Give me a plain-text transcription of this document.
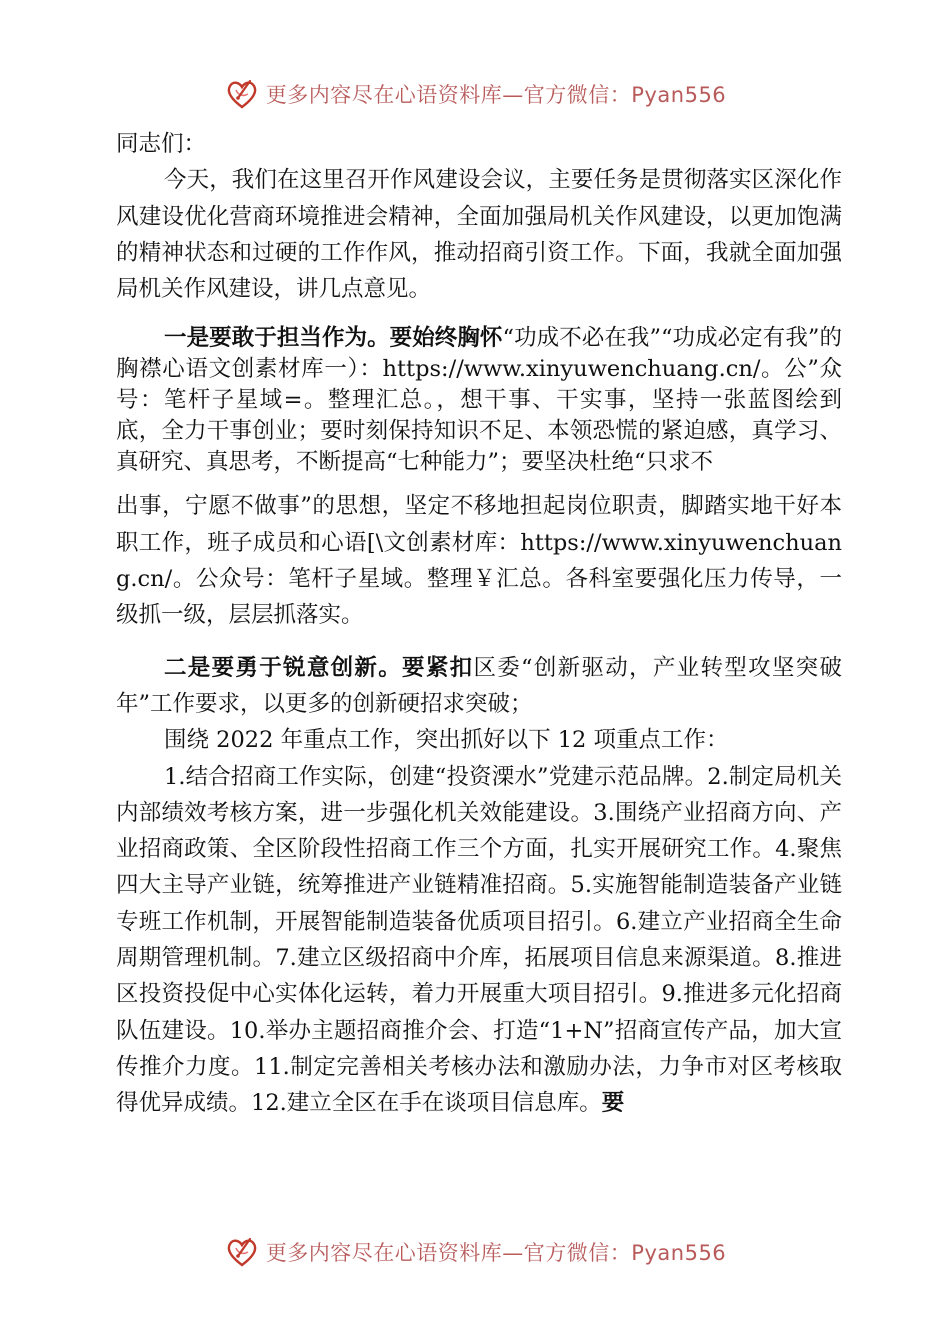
更多内容尽在心语资料库—官方微信：Pyan556

同志们：

今天，我们在这里召开作风建设会议，主要任务是贯彻落实区深化作风建设优化营商环境推进会精神，全面加强局机关作风建设，以更加饱满的精神状态和过硬的工作作风，推动招商引资工作。下面，我就全面加强局机关作风建设，讲几点意见。

一是要敢于担当作为。要始终胸怀“功成不必在我”“功成必定有我”的胸襟心语文创素材库一）：https://www.xinyuwenchuang.cn/。公”众号：笔杆子星域=。整理汇总。，想干事、干实事，坚持一张蓝图绘到底，全力干事创业；要时刻保持知识不足、本领恐慌的紧迫感，真学习、真研究、真思考，不断提高“七种能力”；要坚决杜绝“只求不

出事，宁愿不做事”的思想，坚定不移地担起岗位职责，脚踏实地干好本职工作，班子成员和心语[\文创素材库：https://www.xinyuwenchuang.cn/。公众号：笔杆子星域。整理￥汇总。各科室要强化压力传导，一级抓一级，层层抓落实。

二是要勇于锐意创新。要紧扣区委“创新驱动，产业转型攻坚突破年”工作要求，以更多的创新硬招求突破；

围绕 2022 年重点工作，突出抓好以下 12 项重点工作：

1.结合招商工作实际，创建“投资溧水”党建示范品牌。2.制定局机关内部绩效考核方案，进一步强化机关效能建设。3.围绕产业招商方向、产业招商政策、全区阶段性招商工作三个方面，扎实开展研究工作。4.聚焦四大主导产业链，统筹推进产业链精准招商。5.实施智能制造装备产业链专班工作机制，开展智能制造装备优质项目招引。6.建立产业招商全生命周期管理机制。7.建立区级招商中介库，拓展项目信息来源渠道。8.推进区投资投促中心实体化运转，着力开展重大项目招引。9.推进多元化招商队伍建设。10.举办主题招商推介会、打造“1+N”招商宣传产品，加大宣传推介力度。11.制定完善相关考核办法和激励办法，力争市对区考核取得优异成绩。12.建立全区在手在谈项目信息库。要

更多内容尽在心语资料库—官方微信：Pyan556
